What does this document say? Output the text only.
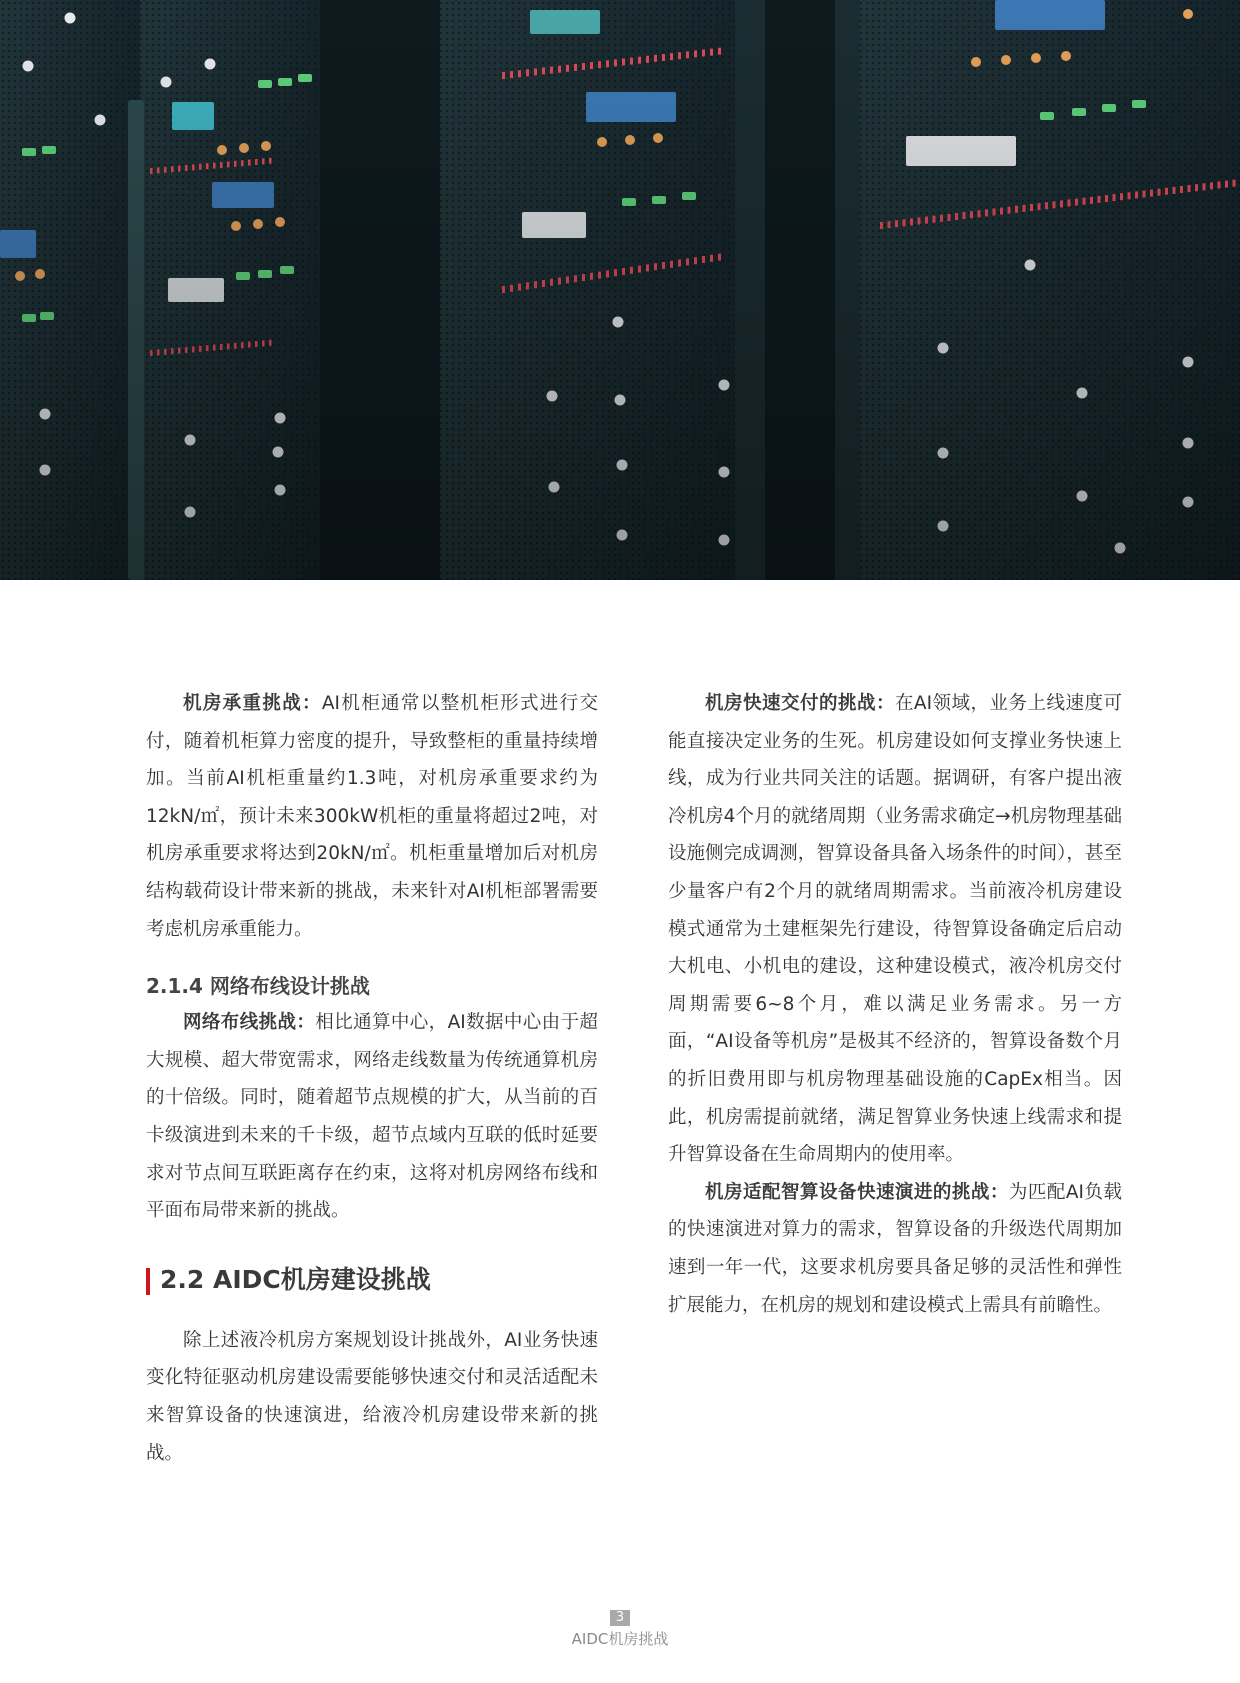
机房承重挑战：AI机柜通常以整机柜形式进行交付，随着机柜算力密度的提升，导致整柜的重量持续增加。当前AI机柜重量约1.3吨，对机房承重要求约为12kN/㎡，预计未来300kW机柜的重量将超过2吨，对机房承重要求将达到20kN/㎡。机柜重量增加后对机房结构载荷设计带来新的挑战，未来针对AI机柜部署需要考虑机房承重能力。

2.1.4 网络布线设计挑战

网络布线挑战：相比通算中心，AI数据中心由于超大规模、超大带宽需求，网络走线数量为传统通算机房的十倍级。同时，随着超节点规模的扩大，从当前的百卡级演进到未来的千卡级，超节点域内互联的低时延要求对节点间互联距离存在约束，这将对机房网络布线和平面布局带来新的挑战。

2.2 AIDC机房建设挑战

除上述液冷机房方案规划设计挑战外，AI业务快速变化特征驱动机房建设需要能够快速交付和灵活适配未来智算设备的快速演进，给液冷机房建设带来新的挑战。

机房快速交付的挑战：在AI领域，业务上线速度可能直接决定业务的生死。机房建设如何支撑业务快速上线，成为行业共同关注的话题。据调研，有客户提出液冷机房4个月的就绪周期（业务需求确定→机房物理基础设施侧完成调测，智算设备具备入场条件的时间），甚至少量客户有2个月的就绪周期需求。当前液冷机房建设模式通常为土建框架先行建设，待智算设备确定后启动大机电、小机电的建设，这种建设模式，液冷机房交付周期需要6~8个月，难以满足业务需求。另一方面，“AI设备等机房”是极其不经济的，智算设备数个月的折旧费用即与机房物理基础设施的CapEx相当。因此，机房需提前就绪，满足智算业务快速上线需求和提升智算设备在生命周期内的使用率。

机房适配智算设备快速演进的挑战：为匹配AI负载的快速演进对算力的需求，智算设备的升级迭代周期加速到一年一代，这要求机房要具备足够的灵活性和弹性扩展能力，在机房的规划和建设模式上需具有前瞻性。

3
AIDC机房挑战
